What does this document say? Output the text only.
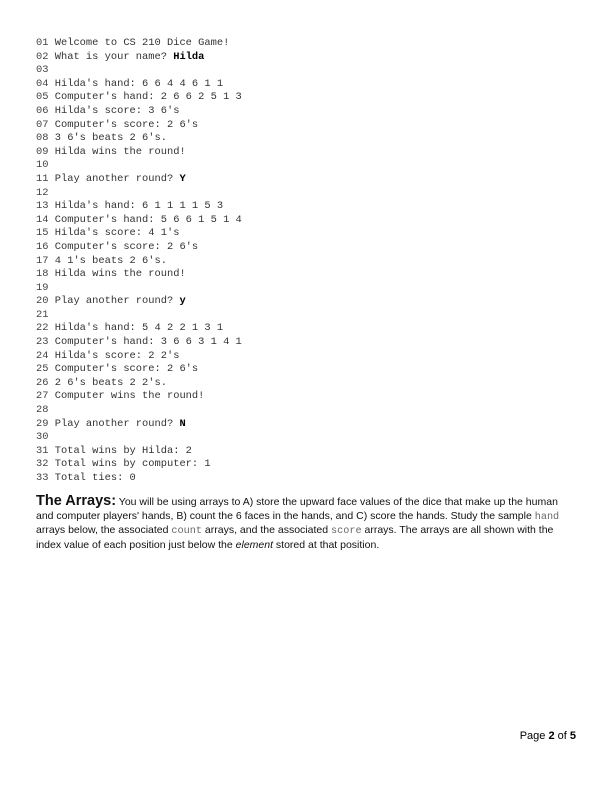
01 Welcome to CS 210 Dice Game!
02 What is your name? Hilda
03
04 Hilda's hand: 6 6 4 4 6 1 1
05 Computer's hand: 2 6 6 2 5 1 3
06 Hilda's score: 3 6's
07 Computer's score: 2 6's
08 3 6's beats 2 6's.
09 Hilda wins the round!
10
11 Play another round? Y
12
13 Hilda's hand: 6 1 1 1 1 5 3
14 Computer's hand: 5 6 6 1 5 1 4
15 Hilda's score: 4 1's
16 Computer's score: 2 6's
17 4 1's beats 2 6's.
18 Hilda wins the round!
19
20 Play another round? y
21
22 Hilda's hand: 5 4 2 2 1 3 1
23 Computer's hand: 3 6 6 3 1 4 1
24 Hilda's score: 2 2's
25 Computer's score: 2 6's
26 2 6's beats 2 2's.
27 Computer wins the round!
28
29 Play another round? N
30
31 Total wins by Hilda: 2
32 Total wins by computer: 1
33 Total ties: 0
The Arrays: You will be using arrays to A) store the upward face values of the dice that make up the human and computer players' hands, B) count the 6 faces in the hands, and C) score the hands. Study the sample hand arrays below, the associated count arrays, and the associated score arrays. The arrays are all shown with the index value of each position just below the element stored at that position.
Page 2 of 5
